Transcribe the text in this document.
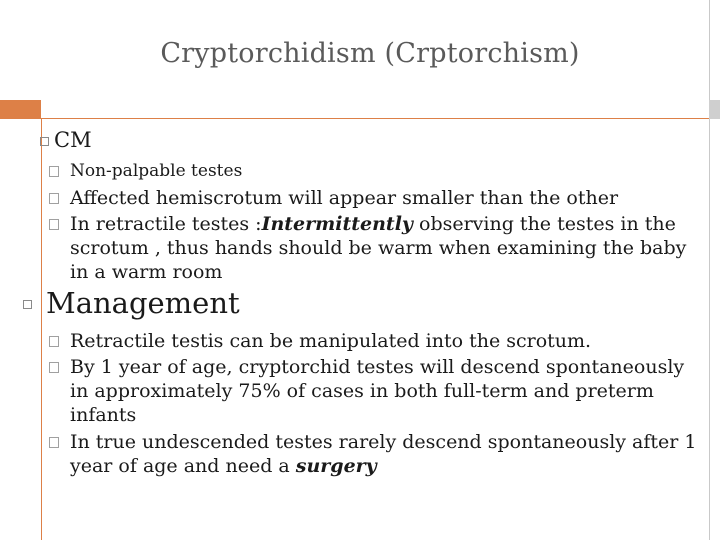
Cryptorchidism (Crptorchism)
CM
Non-palpable testes
Affected hemiscrotum will appear smaller than the other
In retractile testes :Intermittently observing the testes in the scrotum , thus hands should be warm when examining the baby in a warm room
Management
Retractile testis can be manipulated into the scrotum.
By 1 year of age, cryptorchid testes will descend spontaneously in approximately 75% of cases in both full-term and preterm infants
In true undescended testes rarely descend spontaneously after 1 year of age and need a surgery
